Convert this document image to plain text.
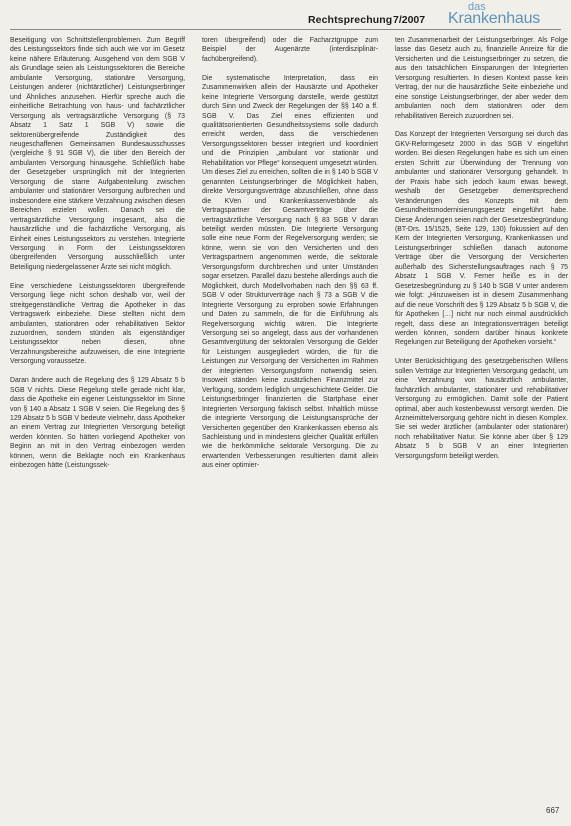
Rechtsprechung 7/2007
das
Krankenhaus

Beseitigung von Schnittstellenproblemen. Zum Begriff des Leistungssektors finde sich auch wie vor im Gesetz keine nähere Erläuterung. Ausgehend von dem SGB V als Grundlage seien als Leistungssektoren die Bereiche ambulante Versorgung, stationäre Versorgung, Leistungen anderer (nichtärztlicher) Leistungserbringer und Ähnliches anzusehen. Hierfür spreche auch die einheitliche Betrachtung von haus- und fachärztlicher Versorgung als vertragsärztliche Versorgung (§ 73 Absatz 1 Satz 1 SGB V) sowie die sektorenübergreifende Zuständigkeit des neugeschaffenen Gemeinsamen Bundesausschusses (vergleiche § 91 SGB V), die über den Bereich der ambulanten Versorgung hinausgehe. Schließlich habe der Gesetzgeber ursprünglich mit der Integrierten Versorgung die starre Aufgabenteilung zwischen ambulanter und stationärer Versorgung aufbrechen und insbesondere eine stärkere Verzahnung zwischen diesen Bereichen erzielen wollen. Danach sei die vertragsärztliche Versorgung insgesamt, also die hausärztliche und die fachärztliche Versorgung, als Einheit eines Leistungssektors zu verstehen. Integrierte Versorgung in Form der Leistungssektoren übergreifenden Versorgung ausschließlich unter Beteiligung niedergelassener Ärzte sei nicht möglich.

Eine verschiedene Leistungssektoren übergreifende Versorgung liege nicht schon deshalb vor, weil der streitgegenständliche Vertrag die Apotheker in das Vertragswerk einbeziehe. Diese stellten nicht dem ambulanten, stationären oder rehabilitativen Sektor zuzuordnen, sondern stünden als eigenständiger Leistungssektor neben diesen, ohne Verzahnungsbereiche aufzuweisen, die eine Integrierte Versorgung voraussetze.

Daran ändere auch die Regelung des § 129 Absatz 5 b SGB V nichts. Diese Regelung stelle gerade nicht klar, dass die Apotheke ein eigener Leistungssektor im Sinne von § 140 a Absatz 1 SGB V seien. Die Regelung des § 129 Absatz 5 b SGB V bedeute vielmehr, dass Apotheker an einem Vertrag zur Integrierten Versorgung beteiligt werden könnten. So hätten vorliegend Apotheker von Beginn an mit in den Vertrag einbezogen werden können, wenn die Beklagte noch ein Krankenhaus einbezogen hätte (Leistungssek-

toren übergreifend) oder die Facharztgruppe zum Beispiel der Augenärzte (interdisziplinär-fachübergreifend).

Die systematische Interpretation, dass ein Zusammenwirken allein der Hausärzte und Apotheker keine Integrierte Versorgung darstelle, werde gestützt durch Sinn und Zweck der Regelungen der §§ 140 a ff. SGB V. Das Ziel eines effizienten und qualitätsorientierten Gesundheitssystems solle dadurch erreicht werden, dass die verschiedenen Versorgungssektoren besser integriert und koordiniert und die Prinzipien „ambulant vor stationär und Rehabilitation vor Pflege“ konsequent umgesetzt würden. Um dieses Ziel zu erreichen, sollten die in § 140 b SGB V genannten Leistungserbringer die Möglichkeit haben, direkte Versorgungsverträge abzuschließen, ohne dass die KVen und Krankenkassenverbände als Vertragspartner der Gesamtverträge über die vertragsärztliche Versorgung nach § 83 SGB V daran beteiligt werden müssten. Die Integrierte Versorgung solle eine neue Form der Regelversorgung werden; sie könne, wenn sie von den Versicherten und den Vertragspartnern angenommen werde, die sektorale Versorgungsform durchbrechen und unter Umständen sogar ersetzen. Parallel dazu bestehe allerdings auch die Möglichkeit, durch Modellvorhaben nach den §§ 63 ff. SGB V oder Strukturverträge nach § 73 a SGB V die Integrierte Versorgung zu erproben sowie Erfahrungen und Daten zu sammeln, die für die Einführung als Regelversorgung wichtig wären. Die Integrierte Versorgung sei so angelegt, dass aus der vorhandenen Gesamtvergütung der sektoralen Versorgung die Gelder für Leistungen ausgegliedert würden, die für die Leistungen zur Versorgung der Versicherten im Rahmen der integrierten Versorgungsform notwendig seien. Insoweit ständen keine zusätzlichen Finanzmittel zur Verfügung, sondern lediglich umgeschichtete Gelder. Die Leistungserbringer finanzierten die Startphase einer Integrierten Versorgung faktisch selbst. Inhaltlich müsse die integrierte Versorgung die Leistungsansprüche der Versicherten gegenüber den Krankenkassen ebenso als Sachleistung und in mindestens gleicher Qualität erfüllen wie die herkömmliche sektorale Versorgung. Die zu erwartenden Verbesserungen resultierten damit allein aus einer optimier-

ten Zusammenarbeit der Leistungserbringer. Als Folge lasse das Gesetz auch zu, finanzielle Anreize für die Versicherten und die Leistungserbringer zu setzen, die aus den tatsächlichen Einsparungen der Integrierten Versorgung resultierten. In diesen Kontext passe kein Vertrag, der nur die hausärztliche Seite einbeziehe und eine sonstige Leistungserbringer, der aber weder dem ambulanten noch dem stationären oder dem rehabilitativen Bereich zuzuordnen sei.

Das Konzept der Integrierten Versorgung sei durch das GKV-Reformgesetz 2000 in das SGB V eingeführt worden. Bei diesen Regelungen habe es sich um einen ersten Schritt zur Überwindung der Trennung von ambulanter und stationärer Versorgung gehandelt. In der Praxis habe sich jedoch kaum etwas bewegt, weshalb der Gesetzgeber dementsprechend Veränderungen des Konzepts mit dem Gesundheitsmodernisierungsgesetz eingeführt habe. Diese Änderungen seien nach der Gesetzesbegründung (BT-Drs. 15/1525, Seite 129, 130) fokussiert auf den Kern der Integrierten Versorgung, Krankenkassen und Leistungserbringer schließen danach autonome Verträge über die Versorgung der Versicherten außerhalb des Sicherstellungsauftrages nach § 75 Absatz 1 SGB V. Ferner heiße es in der Gesetzesbegründung zu § 140 b SGB V unter anderem wie folgt: „Hinzuweisen ist in diesem Zusammenhang auf die neue Vorschrift des § 129 Absatz 5 b SGB V, die für Apotheken […] nicht nur noch einmal ausdrücklich regelt, dass diese an Integrationsverträgen beteiligt werden können, sondern darüber hinaus konkrete Regelungen zur Beteiligung der Apotheken vorsieht.“

Unter Berücksichtigung des gesetzgeberischen Willens sollen Verträge zur Integrierten Versorgung gedacht, um eine Verzahnung von hausärztlich ambulanter, fachärztlich ambulanter, stationärer und rehabilitativer Versorgung zu ermöglichen. Damit solle der Patient optimal, aber auch kostenbewusst versorgt werden. Die Arzneimittelversorgung gehöre nicht in diesen Komplex. Sie sei weder ärztlicher (ambulanter oder stationärer) noch rehabilitativer Natur. Sie könne aber über § 129 Absatz 5 b SGB V an einer Integrierten Versorgungsform beteiligt werden.

667
